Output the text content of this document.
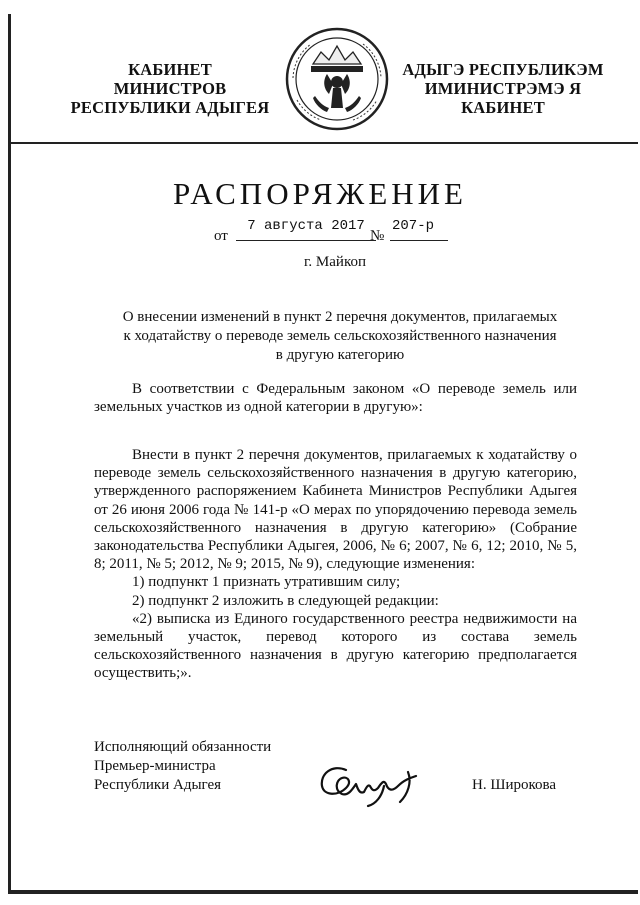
КАБИНЕТ МИНИСТРОВ
РЕСПУБЛИКИ АДЫГЕЯ
АДЫГЭ РЕСПУБЛИКЭМ
ИМИНИСТРЭМЭ Я КАБИНЕТ
РАСПОРЯЖЕНИЕ
от
7 августа 2017
№
207-р
г. Майкоп
О внесении изменений в пункт 2 перечня документов, прилагаемых
к ходатайству о переводе земель сельскохозяйственного назначения
в другую категорию

В соответствии с Федеральным законом «О переводе земель или земельных участков из одной категории в другую»:

Внести в пункт 2 перечня документов, прилагаемых к ходатайству о переводе земель сельскохозяйственного назначения в другую категорию, утвержденного распоряжением Кабинета Министров Республики Адыгея от 26 июня 2006 года № 141-р «О мерах по упорядочению перевода земель сельскохозяйственного назначения в другую категорию» (Собрание законодательства Республики Адыгея, 2006, № 6; 2007, № 6, 12; 2010, № 5, 8; 2011, № 5; 2012, № 9; 2015, № 9), следующие изменения:

1) подпункт 1 признать утратившим силу;

2) подпункт 2 изложить в следующей редакции:

«2) выписка из Единого государственного реестра недвижимости на земельный участок, перевод которого из состава земель сельскохозяйственного назначения в другую категорию предполагается осуществить;».

Исполняющий обязанности
Премьер-министра
Республики Адыгея	Н. Широкова
